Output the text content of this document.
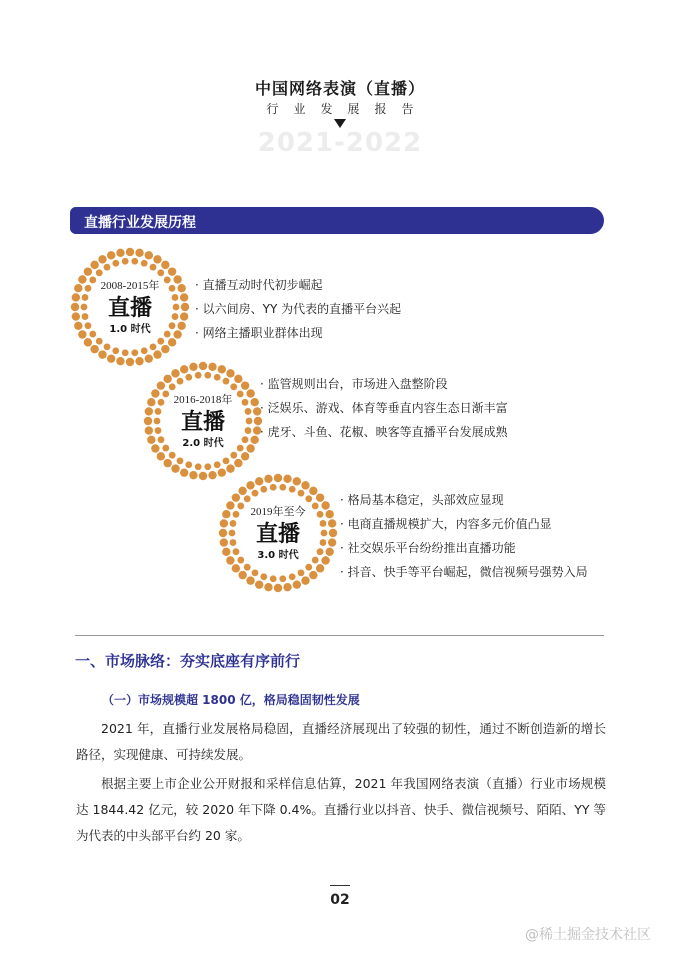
中国网络表演（直播）
行业发展报告
2021-2022
直播行业发展历程
2008-2015年
直播
1.0 时代
· 直播互动时代初步崛起
· 以六间房、YY 为代表的直播平台兴起
· 网络主播职业群体出现
2016-2018年
直播
2.0 时代
· 监管规则出台，市场进入盘整阶段
· 泛娱乐、游戏、体育等垂直内容生态日渐丰富
· 虎牙、斗鱼、花椒、映客等直播平台发展成熟
2019年至今
直播
3.0 时代
· 格局基本稳定，头部效应显现
· 电商直播规模扩大，内容多元价值凸显
· 社交娱乐平台纷纷推出直播功能
· 抖音、快手等平台崛起，微信视频号强势入局
一、市场脉络：夯实底座有序前行
（一）市场规模超 1800 亿，格局稳固韧性发展
2021 年，直播行业发展格局稳固，直播经济展现出了较强的韧性，通过不断创造新的增长路径，实现健康、可持续发展。
根据主要上市企业公开财报和采样信息估算，2021 年我国网络表演（直播）行业市场规模达 1844.42 亿元，较 2020 年下降 0.4%。直播行业以抖音、快手、微信视频号、陌陌、YY 等为代表的中头部平台约 20 家。
02
@稀土掘金技术社区
